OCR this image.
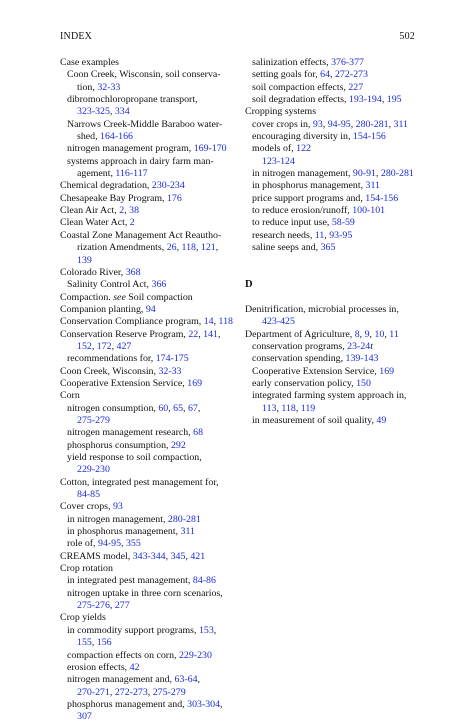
INDEX	502
Case examples
Coon Creek, Wisconsin, soil conserva-
tion, 32-33
dibromochloropropane transport,
323-325, 334
Narrows Creek-Middle Baraboo water-
shed, 164-166
nitrogen management program, 169-170
systems approach in dairy farm man-
agement, 116-117
Chemical degradation, 230-234
Chesapeake Bay Program, 176
Clean Air Act, 2, 38
Clean Water Act, 2
Coastal Zone Management Act Reautho-
rization Amendments, 26, 118, 121,
139
Colorado River, 368
Salinity Control Act, 366
Compaction. see Soil compaction
Companion planting, 94
Conservation Compliance program, 14, 118
Conservation Reserve Program, 22, 141,
152, 172, 427
recommendations for, 174-175
Coon Creek, Wisconsin, 32-33
Cooperative Extension Service, 169
Corn
nitrogen consumption, 60, 65, 67,
275-279
nitrogen management research, 68
phosphorus consumption, 292
yield response to soil compaction,
229-230
Cotton, integrated pest management for,
84-85
Cover crops, 93
in nitrogen management, 280-281
in phosphorus management, 311
role of, 94-95, 355
CREAMS model, 343-344, 345, 421
Crop rotation
in integrated pest management, 84-86
nitrogen uptake in three corn scenarios,
275-276, 277
Crop yields
in commodity support programs, 153,
155, 156
compaction effects on corn, 229-230
erosion effects, 42
nitrogen management and, 63-64,
270-271, 272-273, 275-279
phosphorus management and, 303-304,
307
salinization effects, 376-377
setting goals for, 64, 272-273
soil compaction effects, 227
soil degradation effects, 193-194, 195
Cropping systems
cover crops in, 93, 94-95, 280-281, 311
encouraging diversity in, 154-156
models of, 122
123-124
in nitrogen management, 90-91, 280-281
in phosphorus management, 311
price support programs and, 154-156
to reduce erosion/runoff, 100-101
to reduce input use, 58-59
research needs, 11, 93-95
saline seeps and, 365
D
Denitrification, microbial processes in,
423-425
Department of Agriculture, 8, 9, 10, 11
conservation programs, 23-24t
conservation spending, 139-143
Cooperative Extension Service, 169
early conservation policy, 150
integrated farming system approach in,
113, 118, 119
in measurement of soil quality, 49
